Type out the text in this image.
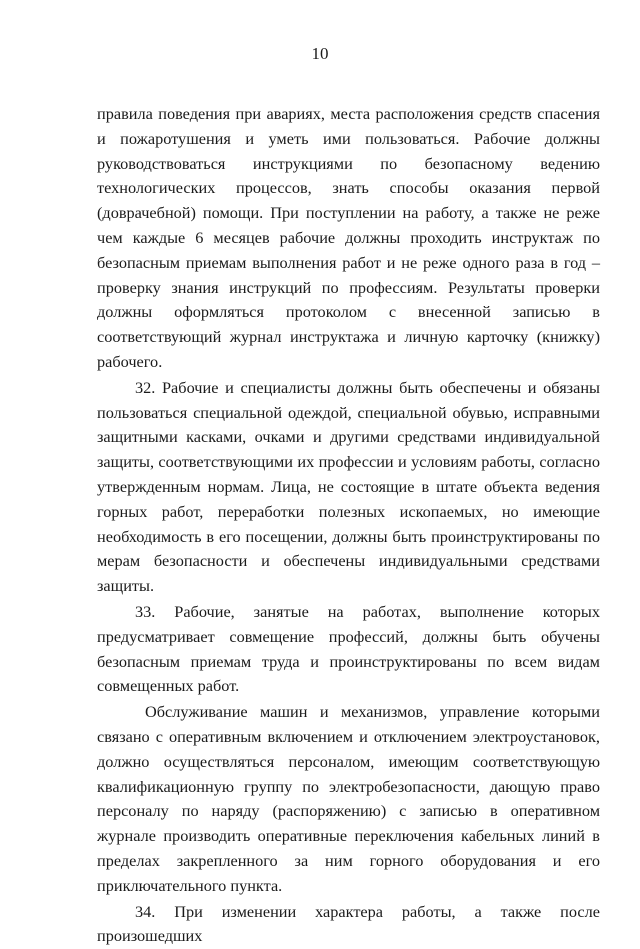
10

правила поведения при авариях, места расположения средств спасения и пожаротушения и уметь ими пользоваться. Рабочие должны руководствоваться инструкциями по безопасному ведению технологических процессов, знать способы оказания первой (доврачебной) помощи. При поступлении на работу, а также не реже чем каждые 6 месяцев рабочие должны проходить инструктаж по безопасным приемам выполнения работ и не реже одного раза в год – проверку знания инструкций по профессиям. Результаты проверки должны оформляться протоколом с внесенной записью в соответствующий журнал инструктажа и личную карточку (книжку) рабочего.

32. Рабочие и специалисты должны быть обеспечены и обязаны пользоваться специальной одеждой, специальной обувью, исправными защитными касками, очками и другими средствами индивидуальной защиты, соответствующими их профессии и условиям работы, согласно утвержденным нормам. Лица, не состоящие в штате объекта ведения горных работ, переработки полезных ископаемых, но имеющие необходимость в его посещении, должны быть проинструктированы по мерам безопасности и обеспечены индивидуальными средствами защиты.

33. Рабочие, занятые на работах, выполнение которых предусматривает совмещение профессий, должны быть обучены безопасным приемам труда и проинструктированы по всем видам совмещенных работ.

Обслуживание машин и механизмов, управление которыми связано с оперативным включением и отключением электроустановок, должно осуществляться персоналом, имеющим соответствующую квалификационную группу по электробезопасности, дающую право персоналу по наряду (распоряжению) с записью в оперативном журнале производить оперативные переключения кабельных линий в пределах закрепленного за ним горного оборудования и его приключательного пункта.

34. При изменении характера работы, а также после произошедших
